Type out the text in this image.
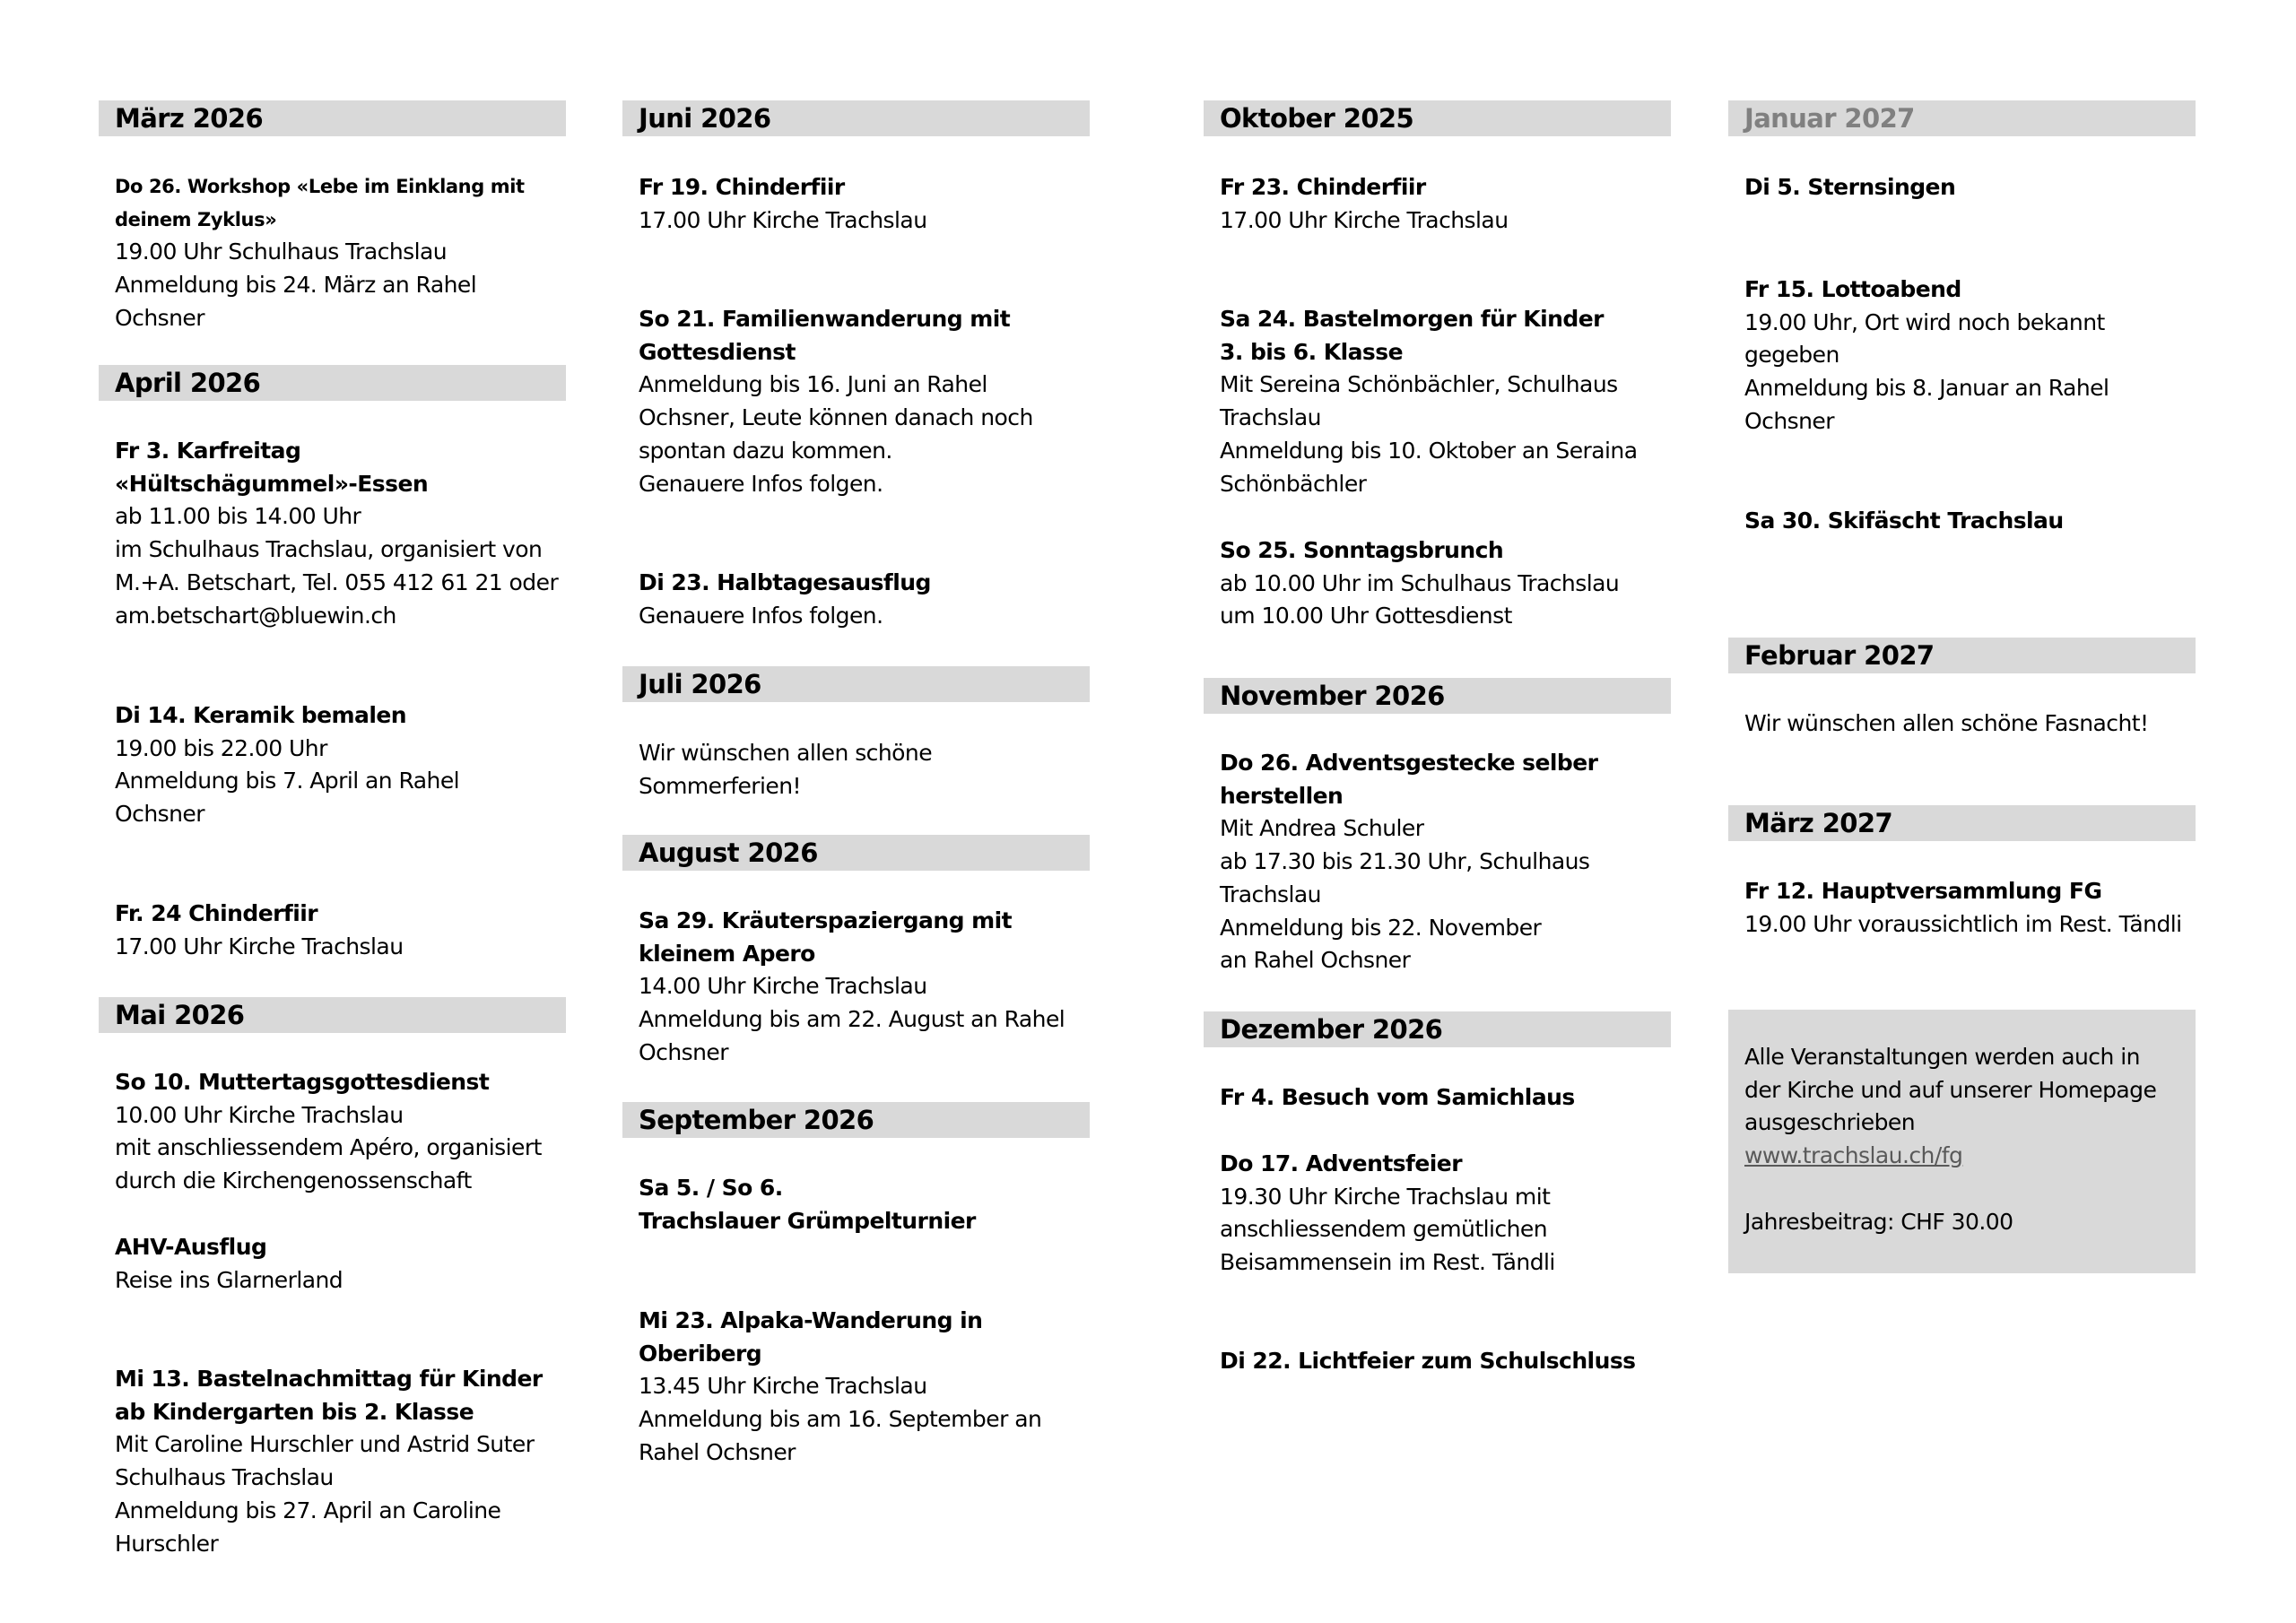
März 2026
Do 26. Workshop «Lebe im Einklang mit
deinem Zyklus»
19.00 Uhr Schulhaus Trachslau
Anmeldung bis 24. März an Rahel
Ochsner
April 2026
Fr 3. Karfreitag
«Hültschägummel»-Essen
ab 11.00 bis 14.00 Uhr
im Schulhaus Trachslau, organisiert von
M.+A. Betschart, Tel. 055 412 61 21 oder
am.betschart@bluewin.ch
Di 14. Keramik bemalen
19.00 bis 22.00 Uhr
Anmeldung bis 7. April an Rahel
Ochsner
Fr. 24 Chinderfiir
17.00 Uhr Kirche Trachslau
Mai 2026
So 10. Muttertagsgottesdienst
10.00 Uhr Kirche Trachslau
mit anschliessendem Apéro, organisiert
durch die Kirchengenossenschaft
AHV-Ausflug
Reise ins Glarnerland
Mi 13. Bastelnachmittag für Kinder
ab Kindergarten bis 2. Klasse
Mit Caroline Hurschler und Astrid Suter
Schulhaus Trachslau
Anmeldung bis 27. April an Caroline
Hurschler
Juni 2026
Fr 19. Chinderfiir
17.00 Uhr Kirche Trachslau
So 21. Familienwanderung mit
Gottesdienst
Anmeldung bis 16. Juni an Rahel
Ochsner, Leute können danach noch
spontan dazu kommen.
Genauere Infos folgen.
Di 23. Halbtagesausflug
Genauere Infos folgen.
Juli 2026
Wir wünschen allen schöne
Sommerferien!
August 2026
Sa 29. Kräuterspaziergang mit
kleinem Apero
14.00 Uhr Kirche Trachslau
Anmeldung bis am 22. August an Rahel
Ochsner
September 2026
Sa 5. / So 6.
Trachslauer Grümpelturnier
Mi 23. Alpaka-Wanderung in
Oberiberg
13.45 Uhr Kirche Trachslau
Anmeldung bis am 16. September an
Rahel Ochsner
Oktober 2025
Fr 23. Chinderfiir
17.00 Uhr Kirche Trachslau
Sa 24. Bastelmorgen für Kinder
3. bis 6. Klasse
Mit Sereina Schönbächler, Schulhaus
Trachslau
Anmeldung bis 10. Oktober an Seraina
Schönbächler
So 25. Sonntagsbrunch
ab 10.00 Uhr im Schulhaus Trachslau
um 10.00 Uhr Gottesdienst
November 2026
Do 26. Adventsgestecke selber
herstellen
Mit Andrea Schuler
ab 17.30 bis 21.30 Uhr, Schulhaus
Trachslau
Anmeldung bis 22. November
an Rahel Ochsner
Dezember 2026
Fr 4. Besuch vom Samichlaus
Do 17. Adventsfeier
19.30 Uhr Kirche Trachslau mit
anschliessendem gemütlichen
Beisammensein im Rest. Tändli
Di 22. Lichtfeier zum Schulschluss
Januar 2027
Di 5. Sternsingen
Fr 15. Lottoabend
19.00 Uhr, Ort wird noch bekannt
gegeben
Anmeldung bis 8. Januar an Rahel
Ochsner
Sa 30. Skifäscht Trachslau
Februar 2027
Wir wünschen allen schöne Fasnacht!
März 2027
Fr 12. Hauptversammlung FG
19.00 Uhr voraussichtlich im Rest. Tändli
Alle Veranstaltungen werden auch in
der Kirche und auf unserer Homepage
ausgeschrieben
www.trachslau.ch/fg
Jahresbeitrag: CHF 30.00
